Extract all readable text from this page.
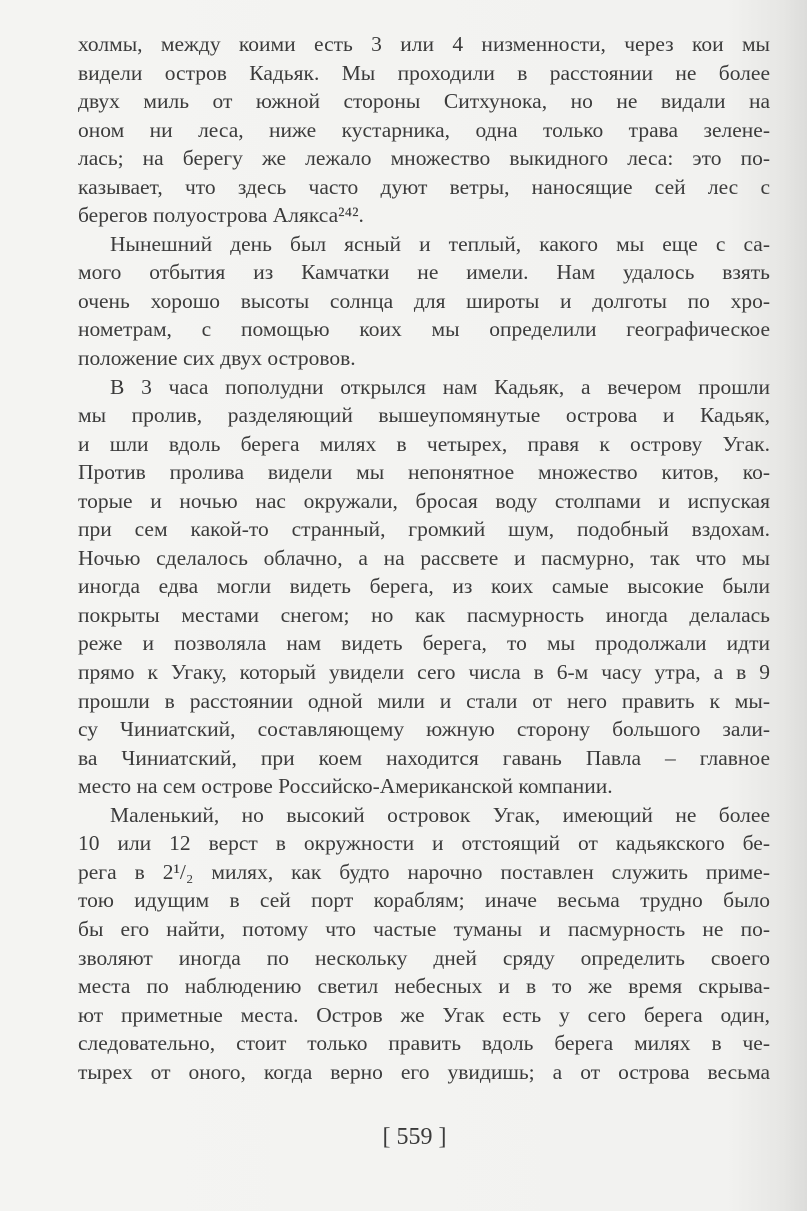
холмы, между коими есть 3 или 4 низменности, через кои мы
видели остров Кадьяк. Мы проходили в расстоянии не более
двух миль от южной стороны Ситхунока, но не видали на
оном ни леса, ниже кустарника, одна только трава зелене-
лась; на берегу же лежало множество выкидного леса: это по-
казывает, что здесь часто дуют ветры, наносящие сей лес с
берегов полуострова Алякса²⁴².
Нынешний день был ясный и теплый, какого мы еще с са-
мого отбытия из Камчатки не имели. Нам удалось взять
очень хорошо высоты солнца для широты и долготы по хро-
нометрам, с помощью коих мы определили географическое
положение сих двух островов.
В 3 часа пополудни открылся нам Кадьяк, а вечером прошли
мы пролив, разделяющий вышеупомянутые острова и Кадьяк,
и шли вдоль берега милях в четырех, правя к острову Угак.
Против пролива видели мы непонятное множество китов, ко-
торые и ночью нас окружали, бросая воду столпами и испуская
при сем какой-то странный, громкий шум, подобный вздохам.
Ночью сделалось облачно, а на рассвете и пасмурно, так что мы
иногда едва могли видеть берега, из коих самые высокие были
покрыты местами снегом; но как пасмурность иногда делалась
реже и позволяла нам видеть берега, то мы продолжали идти
прямо к Угаку, который увидели сего числа в 6-м часу утра, а в 9
прошли в расстоянии одной мили и стали от него править к мы-
су Чиниатский, составляющему южную сторону большого зали-
ва Чиниатский, при коем находится гавань Павла – главное
место на сем острове Российско-Американской компании.
Маленький, но высокий островок Угак, имеющий не более
10 или 12 верст в окружности и отстоящий от кадьякского бе-
рега в 2¹/₂ милях, как будто нарочно поставлен служить приме-
тою идущим в сей порт кораблям; иначе весьма трудно было
бы его найти, потому что частые туманы и пасмурность не по-
зволяют иногда по нескольку дней сряду определить своего
места по наблюдению светил небесных и в то же время скрыва-
ют приметные места. Остров же Угак есть у сего берега один,
следовательно, стоит только править вдоль берега милях в че-
тырех от оного, когда верно его увидишь; а от острова весьма
[ 559 ]
